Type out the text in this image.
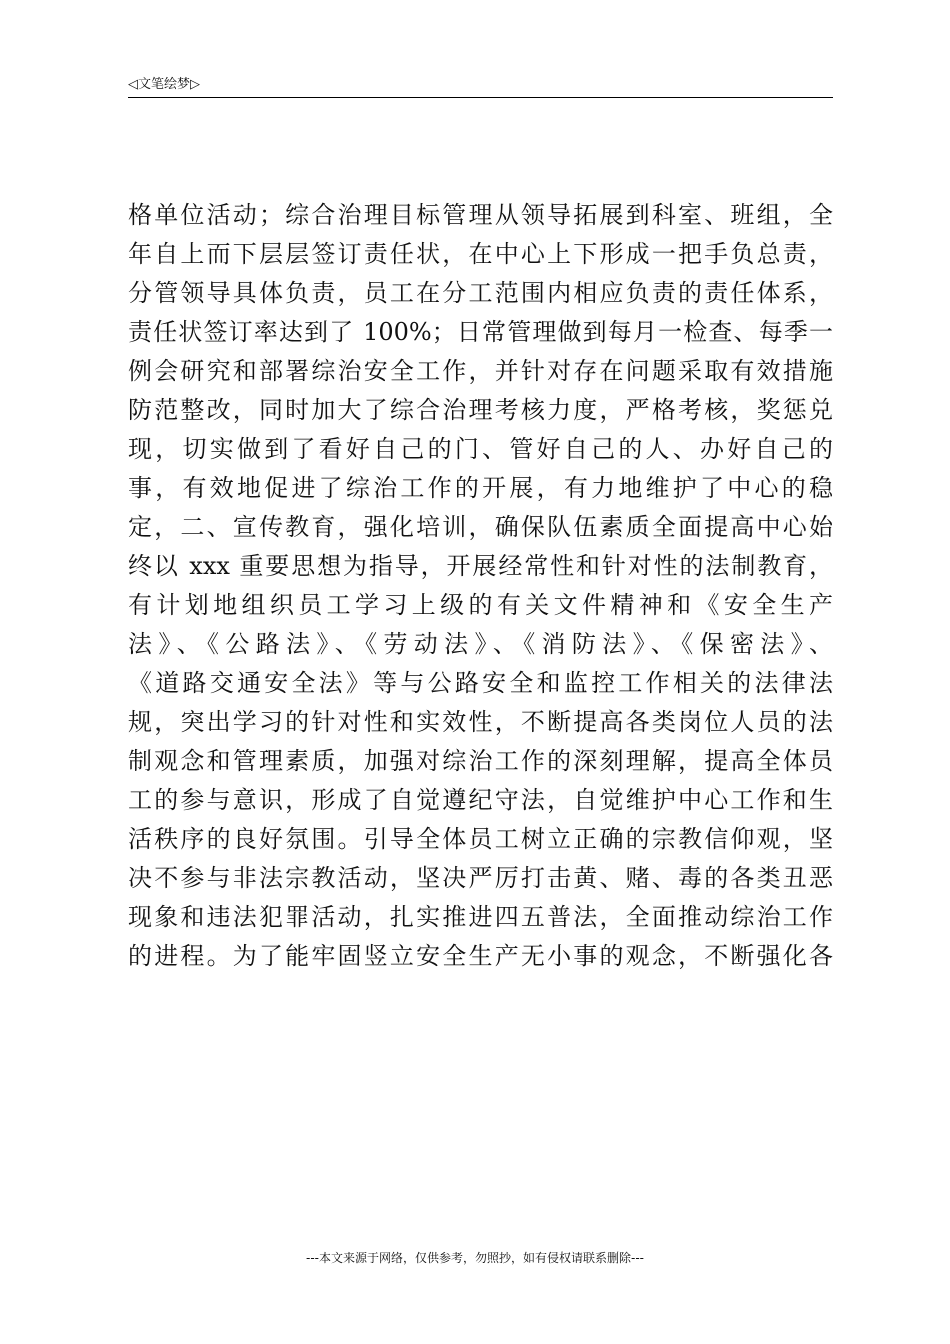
◁文笔绘梦▷
格单位活动；综合治理目标管理从领导拓展到科室、班组，全
年自上而下层层签订责任状，在中心上下形成一把手负总责，
分管领导具体负责，员工在分工范围内相应负责的责任体系，
责任状签订率达到了 100%；日常管理做到每月一检查、每季一
例会研究和部署综治安全工作，并针对存在问题采取有效措施
防范整改，同时加大了综合治理考核力度，严格考核，奖惩兑
现，切实做到了看好自己的门、管好自己的人、办好自己的
事，有效地促进了综治工作的开展，有力地维护了中心的稳
定，二、宣传教育，强化培训，确保队伍素质全面提高中心始
终以 xxx 重要思想为指导，开展经常性和针对性的法制教育，
有计划地组织员工学习上级的有关文件精神和《安全生产
法》、《公路法》、《劳动法》、《消防法》、《保密法》、
《道路交通安全法》等与公路安全和监控工作相关的法律法
规，突出学习的针对性和实效性，不断提高各类岗位人员的法
制观念和管理素质，加强对综治工作的深刻理解，提高全体员
工的参与意识，形成了自觉遵纪守法，自觉维护中心工作和生
活秩序的良好氛围。引导全体员工树立正确的宗教信仰观，坚
决不参与非法宗教活动，坚决严厉打击黄、赌、毒的各类丑恶
现象和违法犯罪活动，扎实推进四五普法，全面推动综治工作
的进程。为了能牢固竖立安全生产无小事的观念，不断强化各
---本文来源于网络，仅供参考，勿照抄，如有侵权请联系删除---
